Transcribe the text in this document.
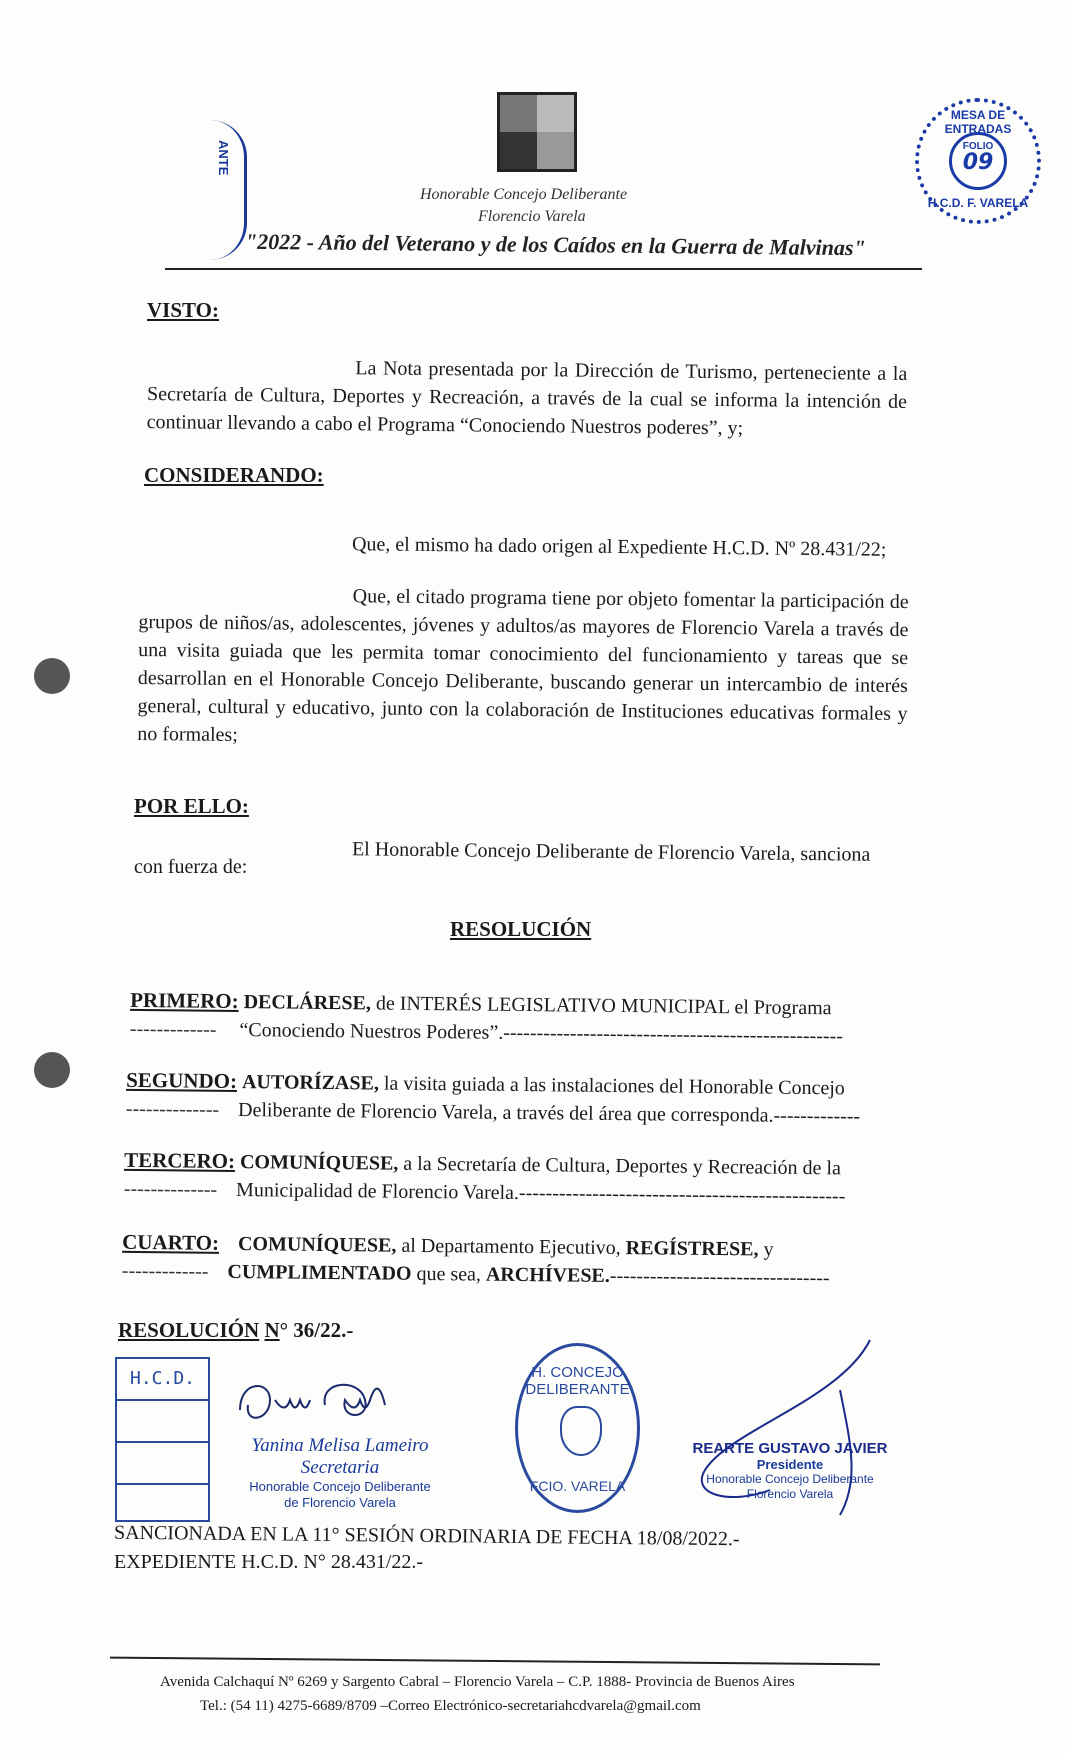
ANTE
Honorable Concejo Deliberante
Florencio Varela
"2022 - Año del Veterano y de los Caídos en la Guerra de Malvinas"
MESA DE ENTRADAS
FOLIO
09
H.C.D. F. VARELA
VISTO:
La Nota presentada por la Dirección de Turismo, perteneciente a la Secretaría de Cultura, Deportes y Recreación, a través de la cual se informa la intención de continuar llevando a cabo el Programa “Conociendo Nuestros poderes”, y;
CONSIDERANDO:
Que, el mismo ha dado origen al Expediente H.C.D. Nº 28.431/22;
Que, el citado programa tiene por objeto fomentar la participación de grupos de niños/as, adolescentes, jóvenes y adultos/as mayores de Florencio Varela a través de una visita guiada que les permita tomar conocimiento del funcionamiento y tareas que se desarrollan en el Honorable Concejo Deliberante, buscando generar un intercambio de interés general, cultural y educativo, junto con la colaboración de Instituciones educativas formales y no formales;
POR ELLO:
El Honorable Concejo Deliberante de Florencio Varela, sanciona
con fuerza de:
RESOLUCIÓN
PRIMERO: DECLÁRESE, de INTERÉS LEGISLATIVO MUNICIPAL el Programa
------------- “Conociendo Nuestros Poderes”.---------------------------------------------------
SEGUNDO: AUTORÍZASE, la visita guiada a las instalaciones del Honorable Concejo
-------------- Deliberante de Florencio Varela, a través del área que corresponda.-------------
TERCERO: COMUNÍQUESE, a la Secretaría de Cultura, Deportes y Recreación de la
-------------- Municipalidad de Florencio Varela.-------------------------------------------------
CUARTO: COMUNÍQUESE, al Departamento Ejecutivo, REGÍSTRESE, y
------------- CUMPLIMENTADO que sea, ARCHÍVESE.---------------------------------
RESOLUCIÓN N° 36/22.-
H.C.D.
Yanina Melisa Lameiro
Secretaria
Honorable Concejo Deliberante
de Florencio Varela
H. CONCEJO DELIBERANTE
FCIO. VARELA
REARTE GUSTAVO JAVIER
Presidente
Honorable Concejo Deliberante
Florencio Varela
SANCIONADA EN LA 11° SESIÓN ORDINARIA DE FECHA 18/08/2022.-
EXPEDIENTE H.C.D. N° 28.431/22.-
Avenida Calchaquí Nº 6269 y Sargento Cabral – Florencio Varela – C.P. 1888- Provincia de Buenos Aires
Tel.: (54 11) 4275-6689/8709 –Correo Electrónico-secretariahcdvarela@gmail.com
